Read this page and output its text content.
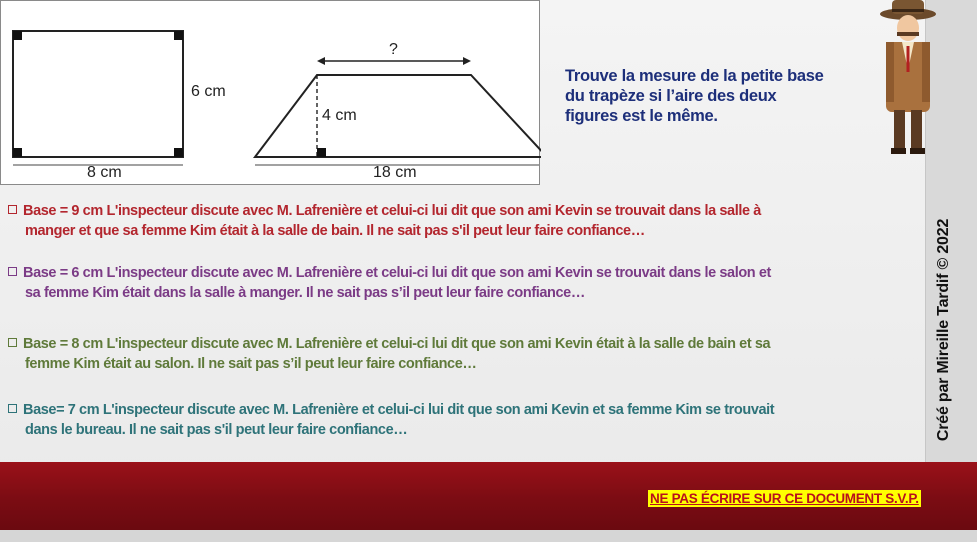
6 cm
8 cm
?
4 cm
18 cm
Trouve la mesure de la petite base du trapèze si l’aire des deux figures est le même.
Créé par Mireille Tardif © 2022
Base = 9 cm L'inspecteur discute avec M. Lafrenière et celui-ci lui dit que son ami Kevin se trouvait dans la salle à
manger et que sa femme Kim était à la salle de bain. Il ne sait pas s'il peut leur faire confiance…
Base = 6 cm L'inspecteur discute avec M. Lafrenière et celui-ci lui dit que son ami Kevin se trouvait dans le salon et
sa femme Kim était dans la salle à manger. Il ne sait pas s’il peut leur faire confiance…
Base = 8 cm L'inspecteur discute avec M. Lafrenière et celui-ci lui dit que son ami Kevin était à la salle de bain et sa
femme Kim était au salon. Il ne sait pas s’il peut leur faire confiance…
Base= 7 cm L'inspecteur discute avec M. Lafrenière et celui-ci lui dit que son ami Kevin et sa femme Kim se trouvait
dans le bureau. Il ne sait pas s'il peut leur faire confiance…
NE PAS ÉCRIRE SUR CE DOCUMENT S.V.P.
